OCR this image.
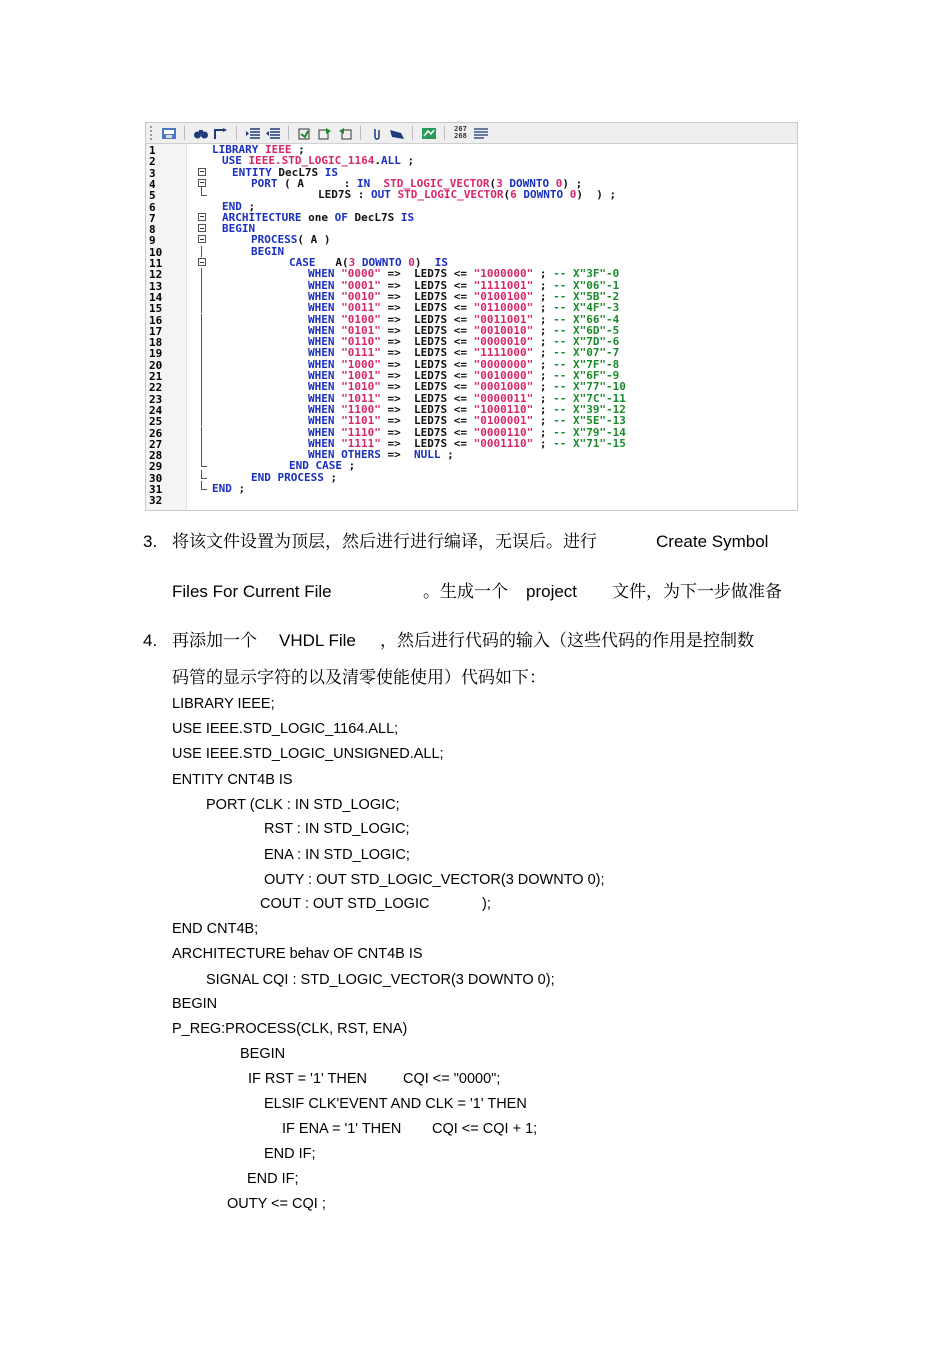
267
268
1	LIBRARY IEEE ;
2	USE IEEE.STD_LOGIC_1164.ALL ;
3	ENTITY DecL7S IS
4	PORT ( A      : IN STD_LOGIC_VECTOR(3 DOWNTO 0) ;
5	LED7S : OUT STD_LOGIC_VECTOR(6 DOWNTO 0)  ) ;
6	END ;
7	ARCHITECTURE one OF DecL7S IS
8	BEGIN
9	PROCESS( A )
10	BEGIN
11	CASE   A(3 DOWNTO 0)  IS
12	WHEN "0000" =>  LED7S <= "1000000" ; -- X"3F"-0
13	WHEN "0001" =>  LED7S <= "1111001" ; -- X"06"-1
14	WHEN "0010" =>  LED7S <= "0100100" ; -- X"5B"-2
15	WHEN "0011" =>  LED7S <= "0110000" ; -- X"4F"-3
16	WHEN "0100" =>  LED7S <= "0011001" ; -- X"66"-4
17	WHEN "0101" =>  LED7S <= "0010010" ; -- X"6D"-5
18	WHEN "0110" =>  LED7S <= "0000010" ; -- X"7D"-6
19	WHEN "0111" =>  LED7S <= "1111000" ; -- X"07"-7
20	WHEN "1000" =>  LED7S <= "0000000" ; -- X"7F"-8
21	WHEN "1001" =>  LED7S <= "0010000" ; -- X"6F"-9
22	WHEN "1010" =>  LED7S <= "0001000" ; -- X"77"-10
23	WHEN "1011" =>  LED7S <= "0000011" ; -- X"7C"-11
24	WHEN "1100" =>  LED7S <= "1000110" ; -- X"39"-12
25	WHEN "1101" =>  LED7S <= "0100001" ; -- X"5E"-13
26	WHEN "1110" =>  LED7S <= "0000110" ; -- X"79"-14
27	WHEN "1111" =>  LED7S <= "0001110" ; -- X"71"-15
28	WHEN OTHERS =>  NULL ;
29	END CASE ;
30	END PROCESS ;
31	END ;
32
3. 将该文件设置为顶层，然后进行进行编译，无误后。进行	Create Symbol
Files For Current File	。生成一个 project 文件，为下一步做准备
4. 再添加一个 VHDL File ，然后进行代码的输入（这些代码的作用是控制数
码管的显示字符的以及清零使能使用）代码如下：
LIBRARY IEEE;
USE IEEE.STD_LOGIC_1164.ALL;
USE IEEE.STD_LOGIC_UNSIGNED.ALL;
ENTITY CNT4B IS
PORT (CLK : IN STD_LOGIC;
RST : IN STD_LOGIC;
ENA : IN STD_LOGIC;
OUTY : OUT STD_LOGIC_VECTOR(3 DOWNTO 0);
COUT : OUT STD_LOGIC	);
END CNT4B;
ARCHITECTURE behav OF CNT4B IS
SIGNAL CQI : STD_LOGIC_VECTOR(3 DOWNTO 0);
BEGIN
P_REG:PROCESS(CLK, RST, ENA)
BEGIN
IF RST = '1' THEN CQI <= "0000";
ELSIF CLK'EVENT AND CLK = '1' THEN
IF ENA = '1' THEN CQI <= CQI + 1;
END IF;
END IF;
OUTY <= CQI ;
